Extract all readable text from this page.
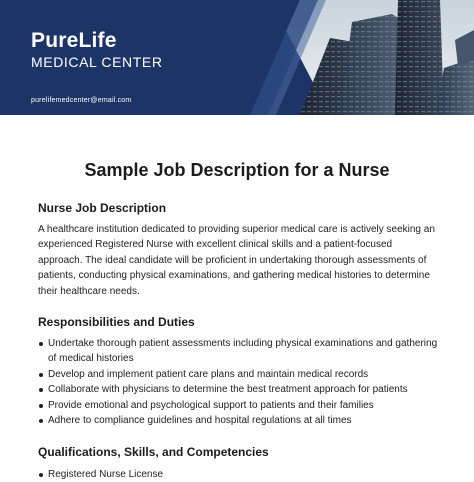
PureLife
MEDICAL CENTER
purelifemedcenter@email.com
Sample Job Description for a Nurse
Nurse Job Description
A healthcare institution dedicated to providing superior medical care is actively seeking an experienced Registered Nurse with excellent clinical skills and a patient-focused approach. The ideal candidate will be proficient in undertaking thorough assessments of patients, conducting physical examinations, and gathering medical histories to determine their healthcare needs.
Responsibilities and Duties
Undertake thorough patient assessments including physical examinations and gathering of medical histories
Develop and implement patient care plans and maintain medical records
Collaborate with physicians to determine the best treatment approach for patients
Provide emotional and psychological support to patients and their families
Adhere to compliance guidelines and hospital regulations at all times
Qualifications, Skills, and Competencies
Registered Nurse License
